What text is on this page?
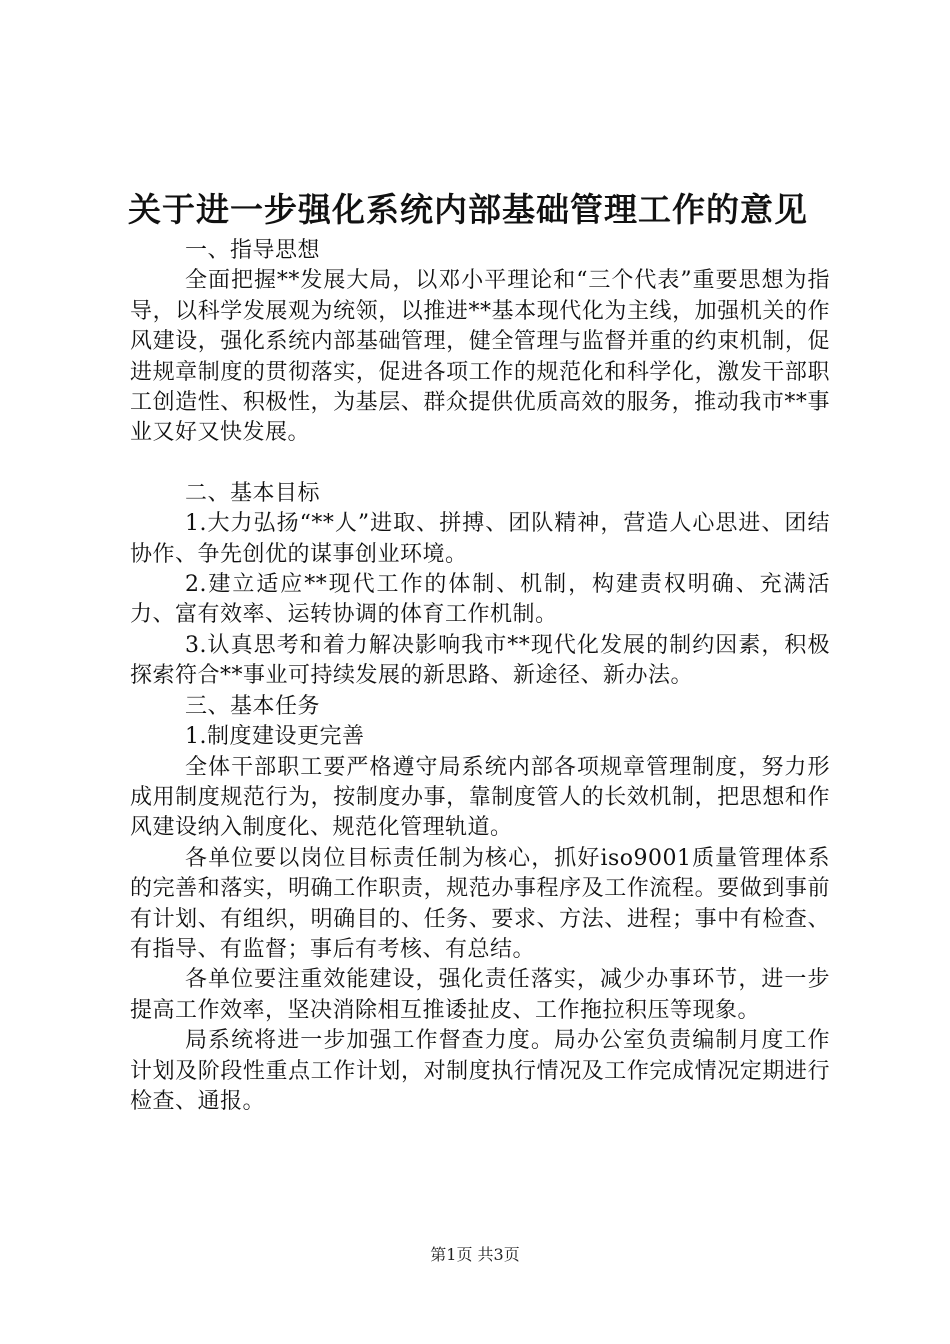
关于进一步强化系统内部基础管理工作的意见

一、指导思想

全面把握**发展大局，以邓小平理论和“三个代表”重要思想为指导，以科学发展观为统领，以推进**基本现代化为主线，加强机关的作风建设，强化系统内部基础管理，健全管理与监督并重的约束机制，促进规章制度的贯彻落实，促进各项工作的规范化和科学化，激发干部职工创造性、积极性，为基层、群众提供优质高效的服务，推动我市**事业又好又快发展。

二、基本目标

1.大力弘扬“**人”进取、拼搏、团队精神，营造人心思进、团结协作、争先创优的谋事创业环境。

2.建立适应**现代工作的体制、机制，构建责权明确、充满活力、富有效率、运转协调的体育工作机制。

3.认真思考和着力解决影响我市**现代化发展的制约因素，积极探索符合**事业可持续发展的新思路、新途径、新办法。

三、基本任务

1.制度建设更完善

全体干部职工要严格遵守局系统内部各项规章管理制度，努力形成用制度规范行为，按制度办事，靠制度管人的长效机制，把思想和作风建设纳入制度化、规范化管理轨道。

各单位要以岗位目标责任制为核心，抓好iso9001质量管理体系的完善和落实，明确工作职责，规范办事程序及工作流程。要做到事前有计划、有组织，明确目的、任务、要求、方法、进程；事中有检查、有指导、有监督；事后有考核、有总结。

各单位要注重效能建设，强化责任落实，减少办事环节，进一步提高工作效率，坚决消除相互推诿扯皮、工作拖拉积压等现象。

局系统将进一步加强工作督查力度。局办公室负责编制月度工作计划及阶段性重点工作计划，对制度执行情况及工作完成情况定期进行检查、通报。

第1页 共3页
